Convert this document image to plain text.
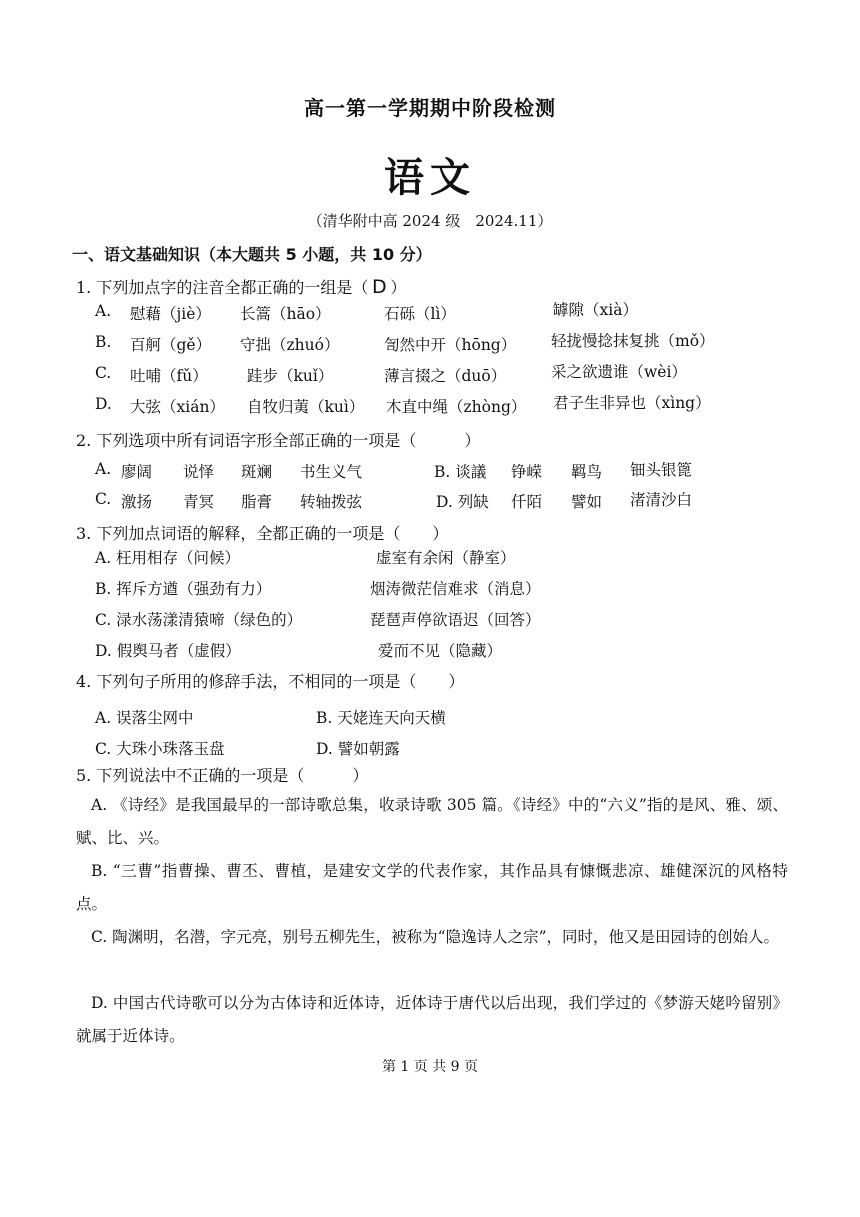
高一第一学期期中阶段检测
语文
（清华附中高 2024 级　2024.11）
一、语文基础知识（本大题共 5 小题，共 10 分）
1. 下列加点字的注音全都正确的一组是（ D ）
A. 慰藉（jiè） 长篙（hāo）	石砾（lì）	罅隙（xià）
B. 百舸（gě） 守拙（zhuó）	訇然中开（hōng） 轻拢慢捻抹复挑（mǒ）
C. 吐哺（fǔ）	跬步（kuǐ）	薄言掇之（duō）	采之欲遗谁（wèi）
D. 大弦（xián） 自牧归荑（kuì） 木直中绳（zhòng） 君子生非异也（xìng）
2. 下列选项中所有词语字形全部正确的一项是（　　　）
A. 廖阔 说怿 斑斓 书生义气	B. 谈議 铮嵘 羁鸟 钿头银篦
C. 激扬 青冥 脂膏 转轴拨弦	D. 列缺 仟陌 譬如 渚清沙白
3. 下列加点词语的解释，全都正确的一项是（　　）
A. 枉用相存（问候）	虚室有余闲（静室）
B. 挥斥方遒（强劲有力）	烟涛微茫信难求（消息）
C. 渌水荡漾清猿啼（绿色的）	琵琶声停欲语迟（回答）
D. 假舆马者（虚假）	爱而不见（隐藏）
4. 下列句子所用的修辞手法，不相同的一项是（　　）
A. 误落尘网中	B. 天姥连天向天横
C. 大珠小珠落玉盘	D. 譬如朝露
5. 下列说法中不正确的一项是（　　　）
A. 《诗经》是我国最早的一部诗歌总集，收录诗歌 305 篇。《诗经》中的“六义”指的是风、雅、颂、赋、比、兴。
B. “三曹”指曹操、曹丕、曹植，是建安文学的代表作家，其作品具有慷慨悲凉、雄健深沉的风格特点。
C. 陶渊明，名潜，字元亮，别号五柳先生，被称为“隐逸诗人之宗”，同时，他又是田园诗的创始人。
D. 中国古代诗歌可以分为古体诗和近体诗，近体诗于唐代以后出现，我们学过的《梦游天姥吟留别》就属于近体诗。
第 1 页 共 9 页
